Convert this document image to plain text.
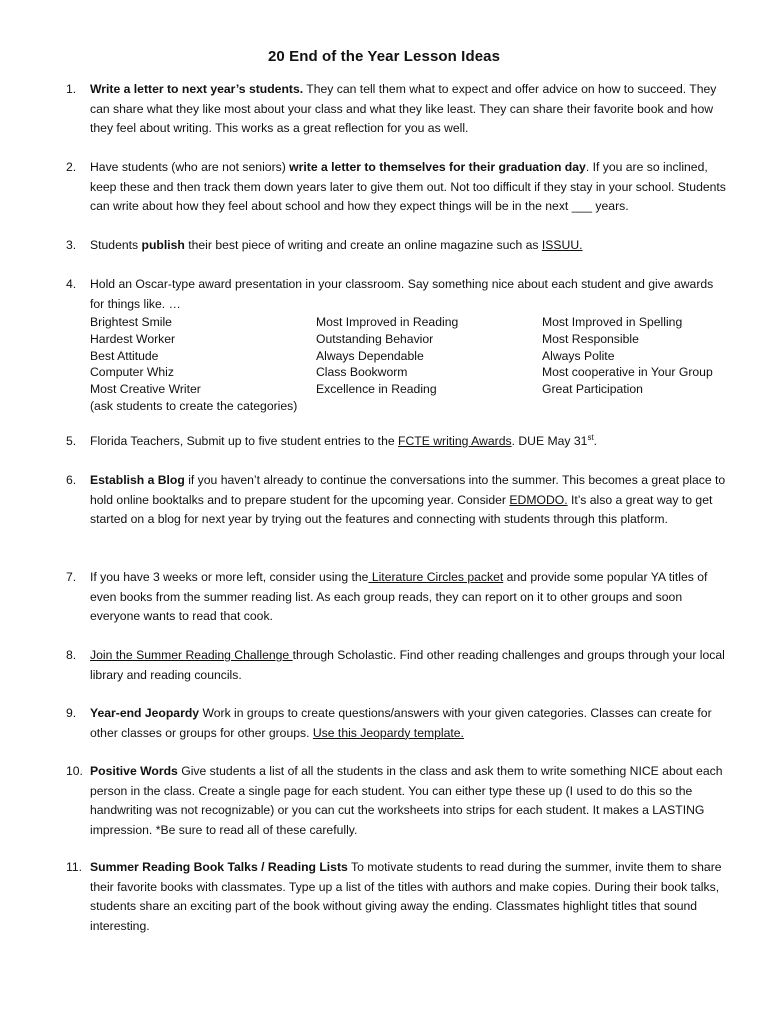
20 End of the Year Lesson Ideas
1.	Write a letter to next year’s students. They can tell them what to expect and offer advice on how to succeed. They can share what they like most about your class and what they like least. They can share their favorite book and how they feel about writing. This works as a great reflection for you as well.
2.	Have students (who are not seniors) write a letter to themselves for their graduation day. If you are so inclined, keep these and then track them down years later to give them out. Not too difficult if they stay in your school. Students can write about how they feel about school and how they expect things will be in the next ___ years.
3.	Students publish their best piece of writing and create an online magazine such as ISSUU.
4.	Hold an Oscar-type award presentation in your classroom. Say something nice about each student and give awards for things like. …
Brightest Smile	Most Improved in Reading	Most Improved in Spelling
Hardest Worker	Outstanding Behavior	Most Responsible
Best Attitude	Always Dependable	Always Polite
Computer Whiz	Class Bookworm	Most cooperative in Your Group
Most Creative Writer	Excellence in Reading	Great Participation
(ask students to create the categories)
5.	Florida Teachers, Submit up to five student entries to the FCTE writing Awards. DUE May 31st.
6.	Establish a Blog if you haven’t already to continue the conversations into the summer. This becomes a great place to hold online booktalks and to prepare student for the upcoming year. Consider EDMODO. It’s also a great way to get started on a blog for next year by trying out the features and connecting with students through this platform.
7.	If you have 3 weeks or more left, consider using the Literature Circles packet and provide some popular YA titles of even books from the summer reading list. As each group reads, they can report on it to other groups and soon everyone wants to read that cook.
8.	Join the Summer Reading Challenge through Scholastic. Find other reading challenges and groups through your local library and reading councils.
9.	Year-end Jeopardy Work in groups to create questions/answers with your given categories. Classes can create for other classes or groups for other groups. Use this Jeopardy template.
10. Positive Words Give students a list of all the students in the class and ask them to write something NICE about each person in the class. Create a single page for each student. You can either type these up (I used to do this so the handwriting was not recognizable) or you can cut the worksheets into strips for each student. It makes a LASTING impression. *Be sure to read all of these carefully.
11. Summer Reading Book Talks / Reading Lists To motivate students to read during the summer, invite them to share their favorite books with classmates. Type up a list of the titles with authors and make copies. During their book talks, students share an exciting part of the book without giving away the ending. Classmates highlight titles that sound interesting.
